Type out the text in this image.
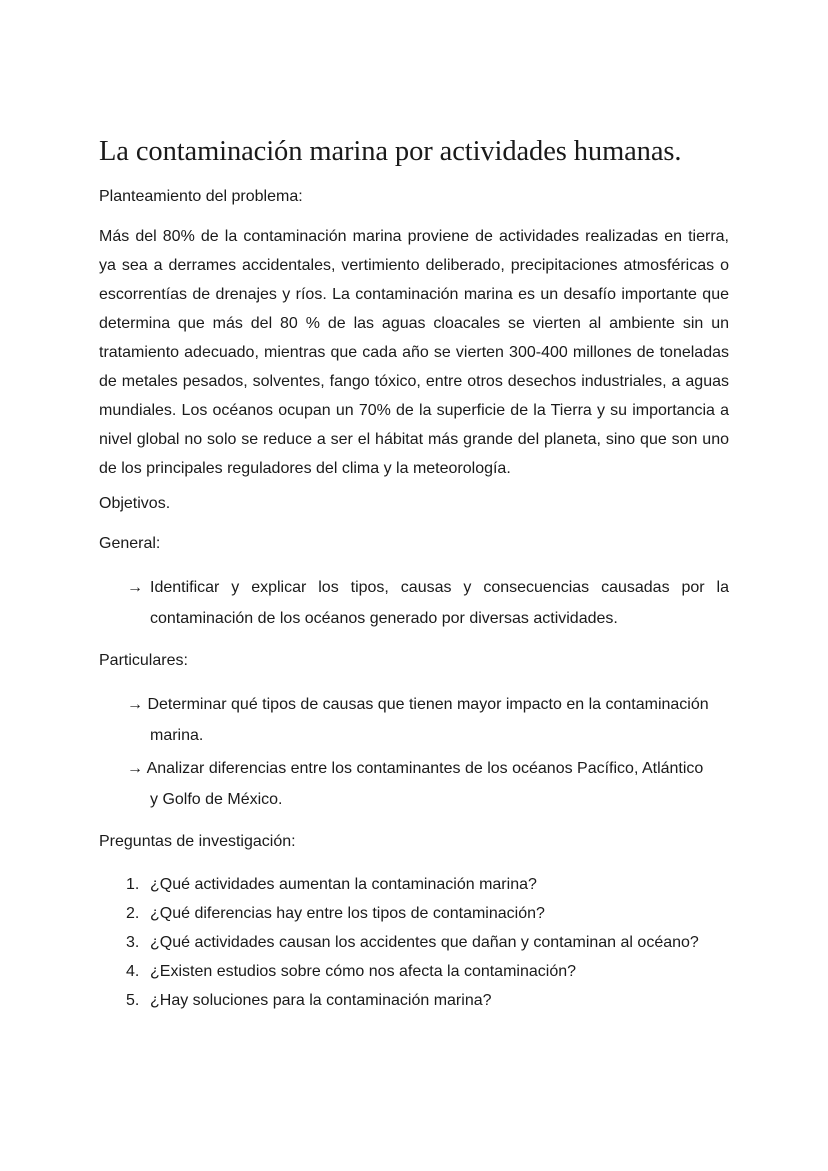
La contaminación marina por actividades humanas.

Planteamiento del problema:

Más del 80% de la contaminación marina proviene de actividades realizadas en tierra, ya sea a derrames accidentales, vertimiento deliberado, precipitaciones atmosféricas o escorrentías de drenajes y ríos. La contaminación marina es un desafío importante que determina que más del 80 % de las aguas cloacales se vierten al ambiente sin un tratamiento adecuado, mientras que cada año se vierten 300-400 millones de toneladas de metales pesados, solventes, fango tóxico, entre otros desechos industriales, a aguas mundiales. Los océanos ocupan un 70% de la superficie de la Tierra y su importancia a nivel global no solo se reduce a ser el hábitat más grande del planeta, sino que son uno de los principales reguladores del clima y la meteorología.

Objetivos.

General:

→ Identificar y explicar los tipos, causas y consecuencias causadas por la contaminación de los océanos generado por diversas actividades.

Particulares:

→ Determinar qué tipos de causas que tienen mayor impacto en la contaminación
marina.
→ Analizar diferencias entre los contaminantes de los océanos Pacífico, Atlántico
y Golfo de México.

Preguntas de investigación:

1. ¿Qué actividades aumentan la contaminación marina?
2. ¿Qué diferencias hay entre los tipos de contaminación?
3. ¿Qué actividades causan los accidentes que dañan y contaminan al océano?
4. ¿Existen estudios sobre cómo nos afecta la contaminación?
5. ¿Hay soluciones para la contaminación marina?
